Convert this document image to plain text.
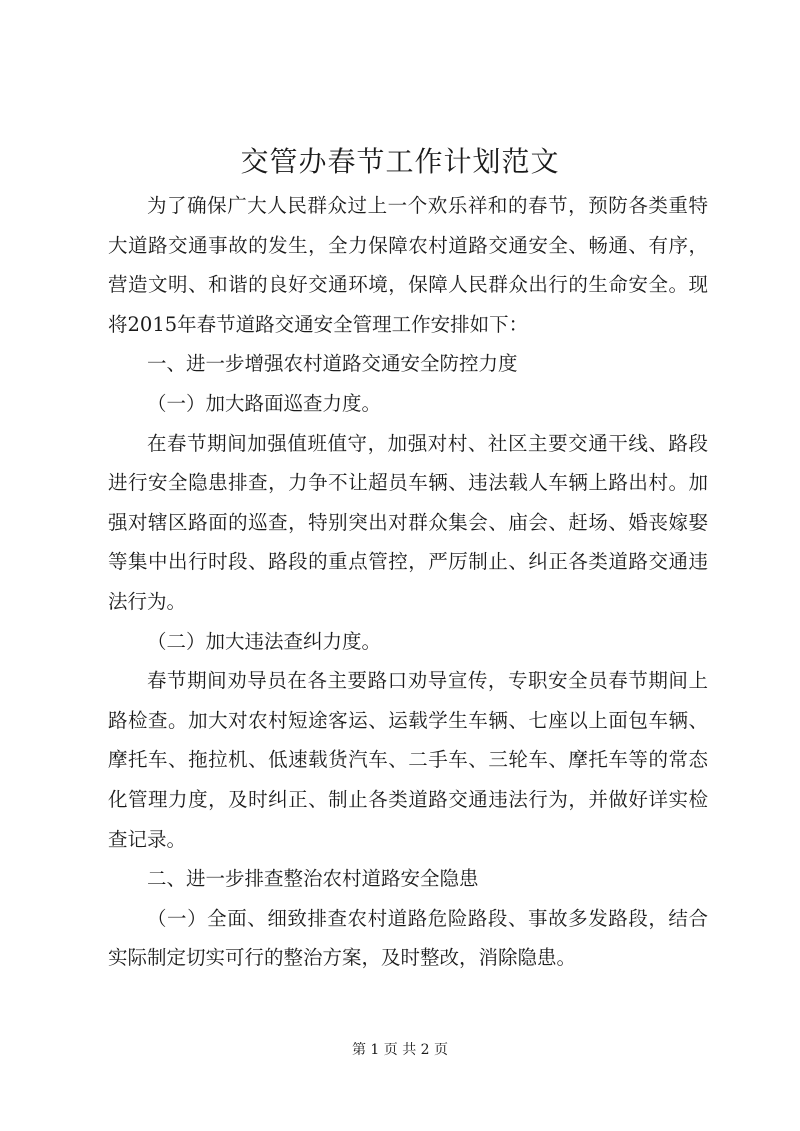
交管办春节工作计划范文

为了确保广大人民群众过上一个欢乐祥和的春节，预防各类重特大道路交通事故的发生，全力保障农村道路交通安全、畅通、有序，营造文明、和谐的良好交通环境，保障人民群众出行的生命安全。现将2015年春节道路交通安全管理工作安排如下：

一、进一步增强农村道路交通安全防控力度

（一）加大路面巡查力度。

在春节期间加强值班值守，加强对村、社区主要交通干线、路段进行安全隐患排查，力争不让超员车辆、违法载人车辆上路出村。加强对辖区路面的巡查，特别突出对群众集会、庙会、赶场、婚丧嫁娶等集中出行时段、路段的重点管控，严厉制止、纠正各类道路交通违法行为。

（二）加大违法查纠力度。

春节期间劝导员在各主要路口劝导宣传，专职安全员春节期间上路检查。加大对农村短途客运、运载学生车辆、七座以上面包车辆、摩托车、拖拉机、低速载货汽车、二手车、三轮车、摩托车等的常态化管理力度，及时纠正、制止各类道路交通违法行为，并做好详实检查记录。

二、进一步排查整治农村道路安全隐患

（一）全面、细致排查农村道路危险路段、事故多发路段，结合实际制定切实可行的整治方案，及时整改，消除隐患。

第 1 页 共 2 页
